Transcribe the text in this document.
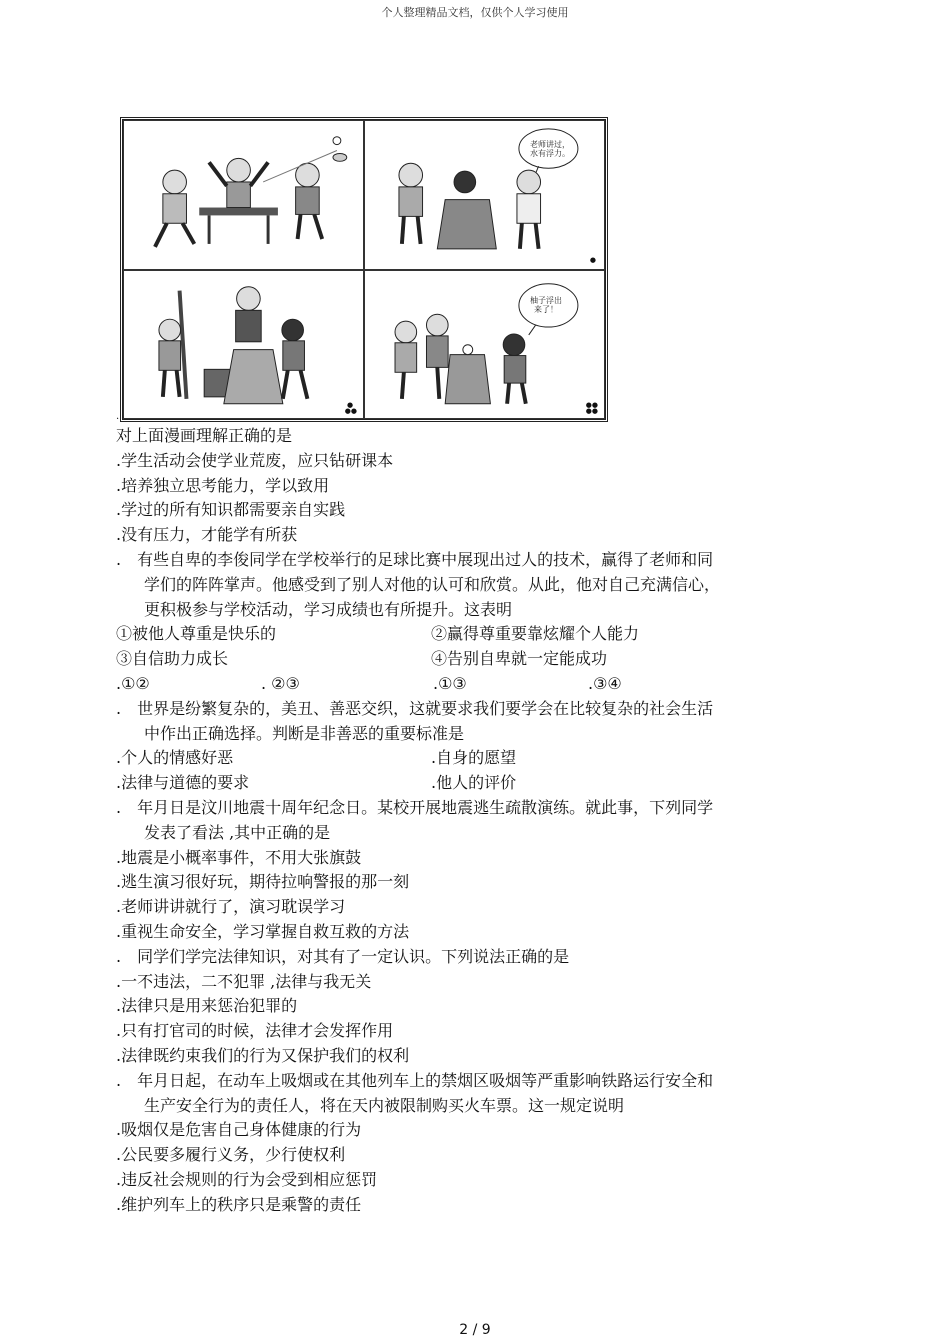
个人整理精品文档，仅供个人学习使用
老师讲过，
水有浮力。
●
●
●●
柚子浮出
来了！
●●
●●
.
对上面漫画理解正确的是
.学生活动会使学业荒废，应只钻研课本
.培养独立思考能力，学以致用
.学过的所有知识都需要亲自实践
.没有压力，才能学有所获
.　有些自卑的李俊同学在学校举行的足球比赛中展现出过人的技术，赢得了老师和同
学们的阵阵掌声。他感受到了别人对他的认可和欣赏。从此，他对自己充满信心，
更积极参与学校活动，学习成绩也有所提升。这表明
①被他人尊重是快乐的	②赢得尊重要靠炫耀个人能力
③自信助力成长	④告别自卑就一定能成功
.①②	. ②③	.①③	.③④
.　世界是纷繁复杂的，美丑、善恶交织，这就要求我们要学会在比较复杂的社会生活
中作出正确选择。判断是非善恶的重要标准是
.个人的情感好恶	.自身的愿望
.法律与道德的要求	.他人的评价
.　年月日是汶川地震十周年纪念日。某校开展地震逃生疏散演练。就此事，下列同学
发表了看法 ,其中正确的是
.地震是小概率事件，不用大张旗鼓
.逃生演习很好玩，期待拉响警报的那一刻
.老师讲讲就行了，演习耽误学习
.重视生命安全，学习掌握自救互救的方法
.　同学们学完法律知识，对其有了一定认识。下列说法正确的是
.一不违法，二不犯罪 ,法律与我无关
.法律只是用来惩治犯罪的
.只有打官司的时候，法律才会发挥作用
.法律既约束我们的行为又保护我们的权利
.　年月日起，在动车上吸烟或在其他列车上的禁烟区吸烟等严重影响铁路运行安全和
生产安全行为的责任人，将在天内被限制购买火车票。这一规定说明
.吸烟仅是危害自己身体健康的行为
.公民要多履行义务，少行使权利
.违反社会规则的行为会受到相应惩罚
.维护列车上的秩序只是乘警的责任
2 / 9
